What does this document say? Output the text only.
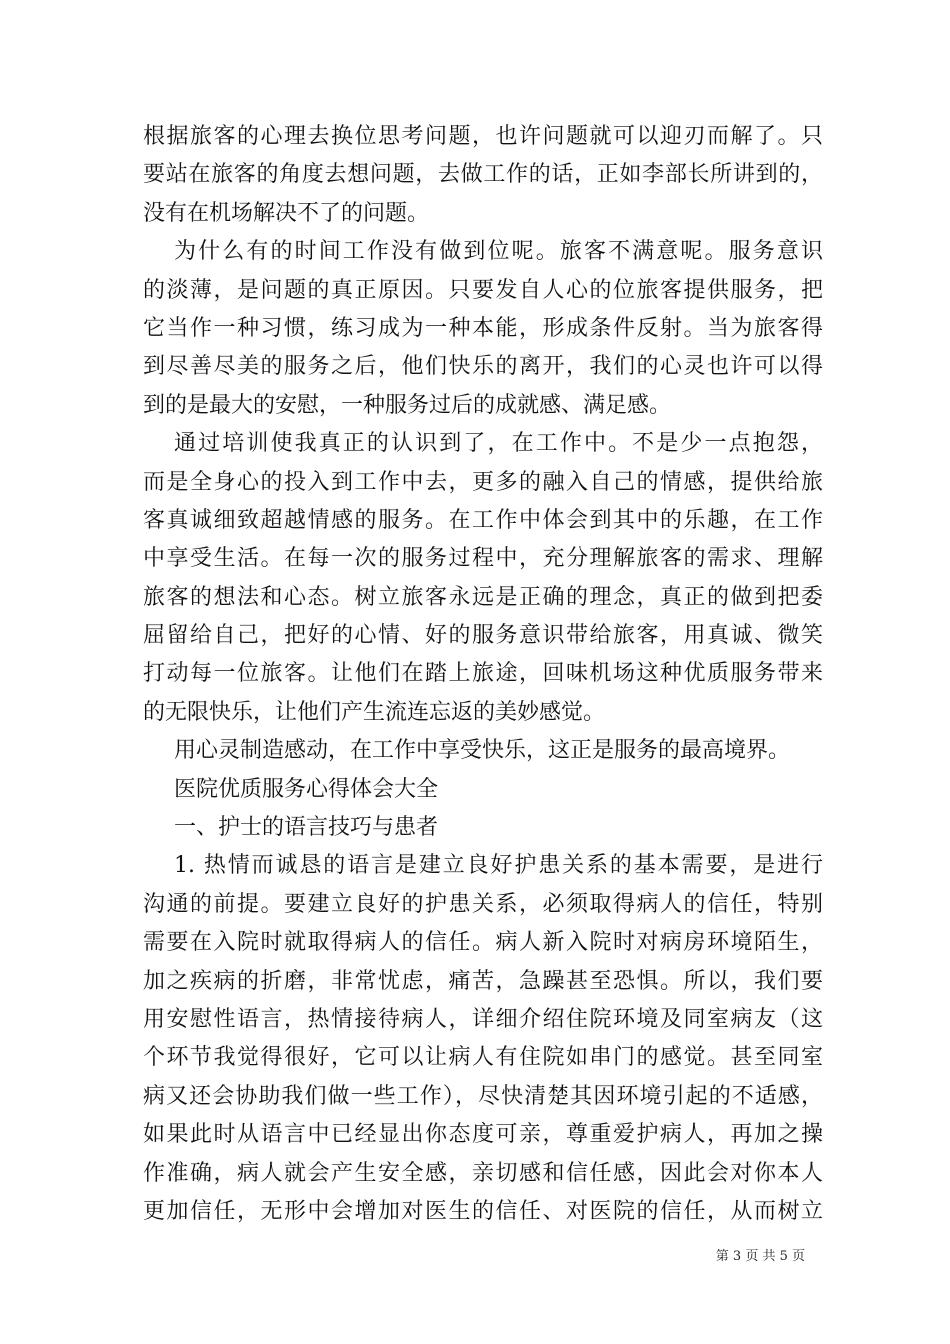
根据旅客的心理去换位思考问题，也许问题就可以迎刃而解了。只
要站在旅客的角度去想问题，去做工作的话，正如李部长所讲到的，
没有在机场解决不了的问题。
为什么有的时间工作没有做到位呢。旅客不满意呢。服务意识
的淡薄，是问题的真正原因。只要发自人心的位旅客提供服务，把
它当作一种习惯，练习成为一种本能，形成条件反射。当为旅客得
到尽善尽美的服务之后，他们快乐的离开，我们的心灵也许可以得
到的是最大的安慰，一种服务过后的成就感、满足感。
通过培训使我真正的认识到了，在工作中。不是少一点抱怨，
而是全身心的投入到工作中去，更多的融入自己的情感，提供给旅
客真诚细致超越情感的服务。在工作中体会到其中的乐趣，在工作
中享受生活。在每一次的服务过程中，充分理解旅客的需求、理解
旅客的想法和心态。树立旅客永远是正确的理念，真正的做到把委
屈留给自己，把好的心情、好的服务意识带给旅客，用真诚、微笑
打动每一位旅客。让他们在踏上旅途，回味机场这种优质服务带来
的无限快乐，让他们产生流连忘返的美妙感觉。
用心灵制造感动，在工作中享受快乐，这正是服务的最高境界。
医院优质服务心得体会大全
一、护士的语言技巧与患者
1. 热情而诚恳的语言是建立良好护患关系的基本需要，是进行
沟通的前提。要建立良好的护患关系，必须取得病人的信任，特别
需要在入院时就取得病人的信任。病人新入院时对病房环境陌生，
加之疾病的折磨，非常忧虑，痛苦，急躁甚至恐惧。所以，我们要
用安慰性语言，热情接待病人，详细介绍住院环境及同室病友（这
个环节我觉得很好，它可以让病人有住院如串门的感觉。甚至同室
病又还会协助我们做一些工作），尽快清楚其因环境引起的不适感，
如果此时从语言中已经显出你态度可亲，尊重爱护病人，再加之操
作准确，病人就会产生安全感，亲切感和信任感，因此会对你本人
更加信任，无形中会增加对医生的信任、对医院的信任，从而树立
第 3 页 共 5 页
